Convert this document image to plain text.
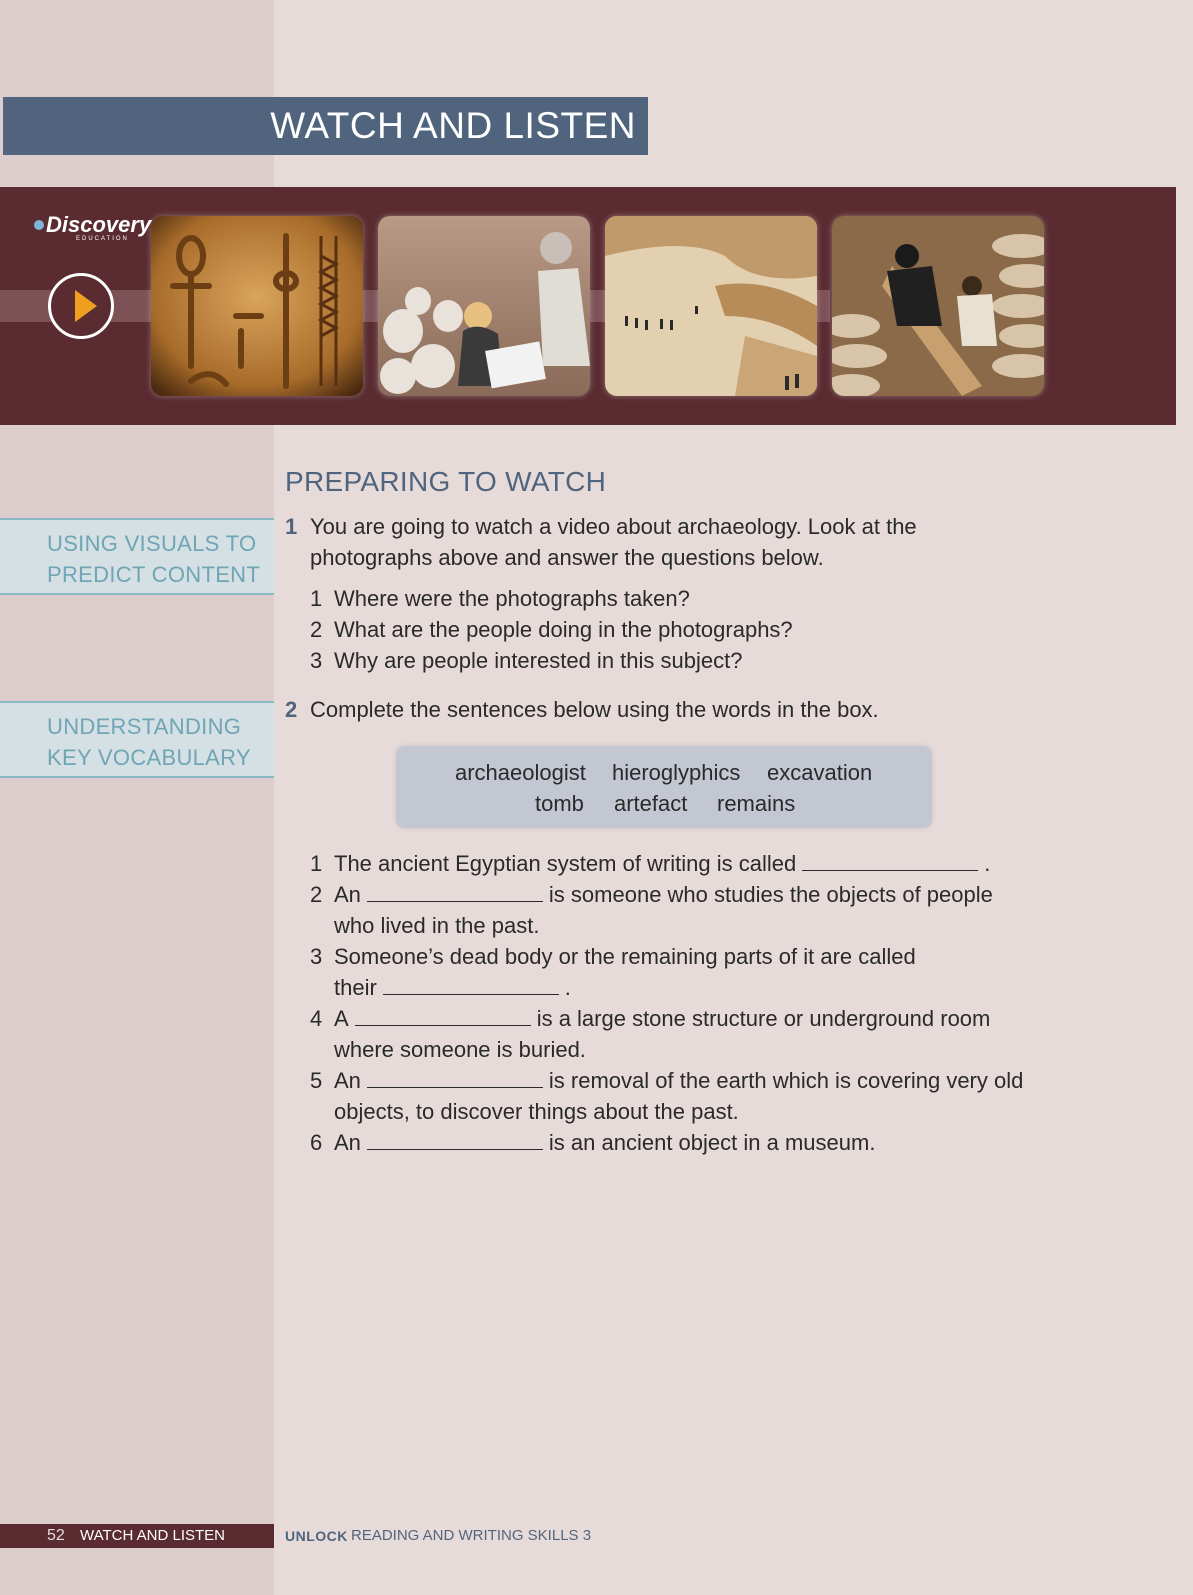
WATCH AND LISTEN
Discovery
EDUCATION
PREPARING TO WATCH
USING VISUALS TO
PREDICT CONTENT
UNDERSTANDING
KEY VOCABULARY
1 You are going to watch a video about archaeology. Look at the
photographs above and answer the questions below.
1 Where were the photographs taken?
2 What are the people doing in the photographs?
3 Why are people interested in this subject?
2 Complete the sentences below using the words in the box.
archaeologist hieroglyphics excavation
tomb artefact remains
1 The ancient Egyptian system of writing is called	.
2 An	is someone who studies the objects of people
who lived in the past.
3 Someone’s dead body or the remaining parts of it are called
their	.
4 A	is a large stone structure or underground room
where someone is buried.
5 An	is removal of the earth which is covering very old
objects, to discover things about the past.
6 An	is an ancient object in a museum.
52 WATCH AND LISTEN	UNLOCK READING AND WRITING SKILLS 3
